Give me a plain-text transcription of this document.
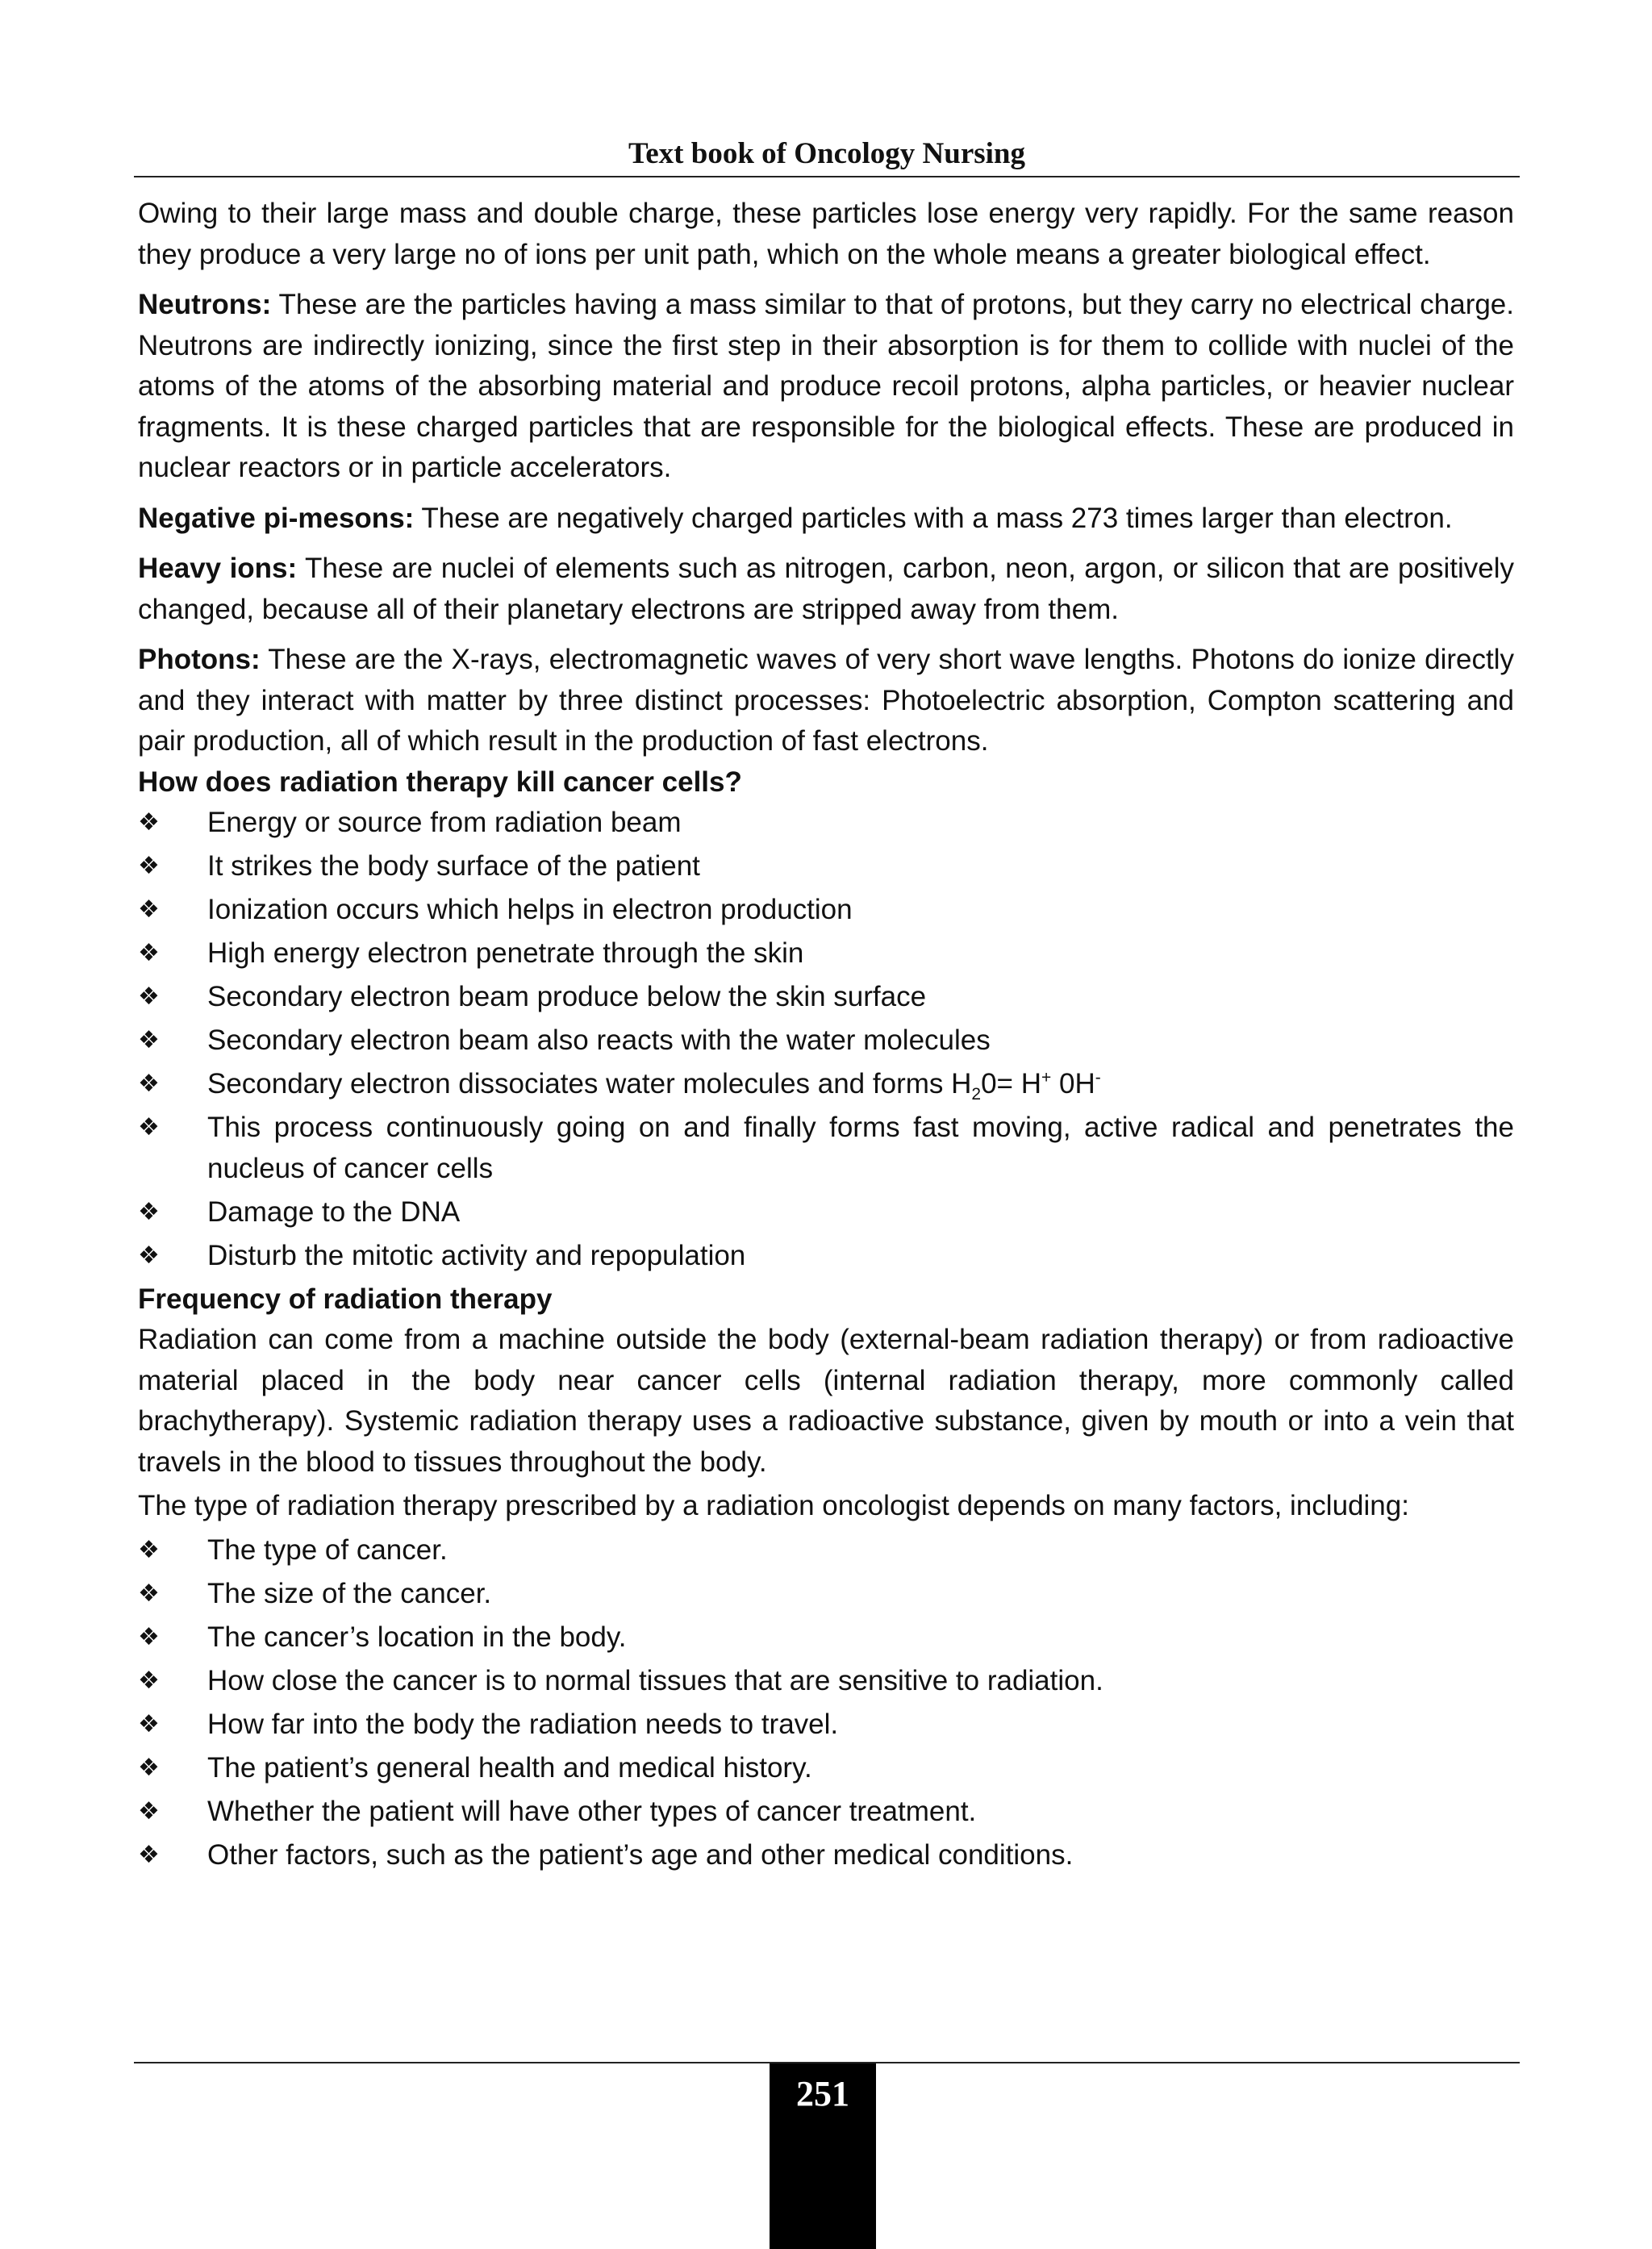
Text book of Oncology Nursing

Owing to their large mass and double charge, these particles lose energy very rapidly. For the same reason they produce a very large no of ions per unit path, which on the whole means a greater biological effect.

Neutrons: These are the particles having a mass similar to that of protons, but they carry no electrical charge. Neutrons are indirectly ionizing, since the first step in their absorption is for them to collide with nuclei of the atoms of the atoms of the absorbing material and produce recoil protons, alpha particles, or heavier nuclear fragments. It is these charged particles that are responsible for the biological effects. These are produced in nuclear reactors or in particle accelerators.

Negative pi-mesons: These are negatively charged particles with a mass 273 times larger than electron.

Heavy ions: These are nuclei of elements such as nitrogen, carbon, neon, argon, or silicon that are positively changed, because all of their planetary electrons are stripped away from them.

Photons: These are the X-rays, electromagnetic waves of very short wave lengths. Photons do ionize directly and they interact with matter by three distinct processes: Photoelectric absorption, Compton scattering and pair production, all of which result in the production of fast electrons.

How does radiation therapy kill cancer cells?

❖ Energy or source from radiation beam
❖ It strikes the body surface of the patient
❖ Ionization occurs which helps in electron production
❖ High energy electron penetrate through the skin
❖ Secondary electron beam produce below the skin surface
❖ Secondary electron beam also reacts with the water molecules
❖ Secondary electron dissociates water molecules and forms $H_20= H^+$ 0H-
❖ This process continuously going on and finally forms fast moving, active radical and penetrates the nucleus of cancer cells
❖ Damage to the DNA
❖ Disturb the mitotic activity and repopulation

Frequency of radiation therapy

Radiation can come from a machine outside the body (external-beam radiation therapy) or from radioactive material placed in the body near cancer cells (internal radiation therapy, more commonly called brachytherapy). Systemic radiation therapy uses a radioactive substance, given by mouth or into a vein that travels in the blood to tissues throughout the body.

The type of radiation therapy prescribed by a radiation oncologist depends on many factors, including:

❖ The type of cancer.
❖ The size of the cancer.
❖ The cancer’s location in the body.
❖ How close the cancer is to normal tissues that are sensitive to radiation.
❖ How far into the body the radiation needs to travel.
❖ The patient’s general health and medical history.
❖ Whether the patient will have other types of cancer treatment.
❖ Other factors, such as the patient’s age and other medical conditions.
251
